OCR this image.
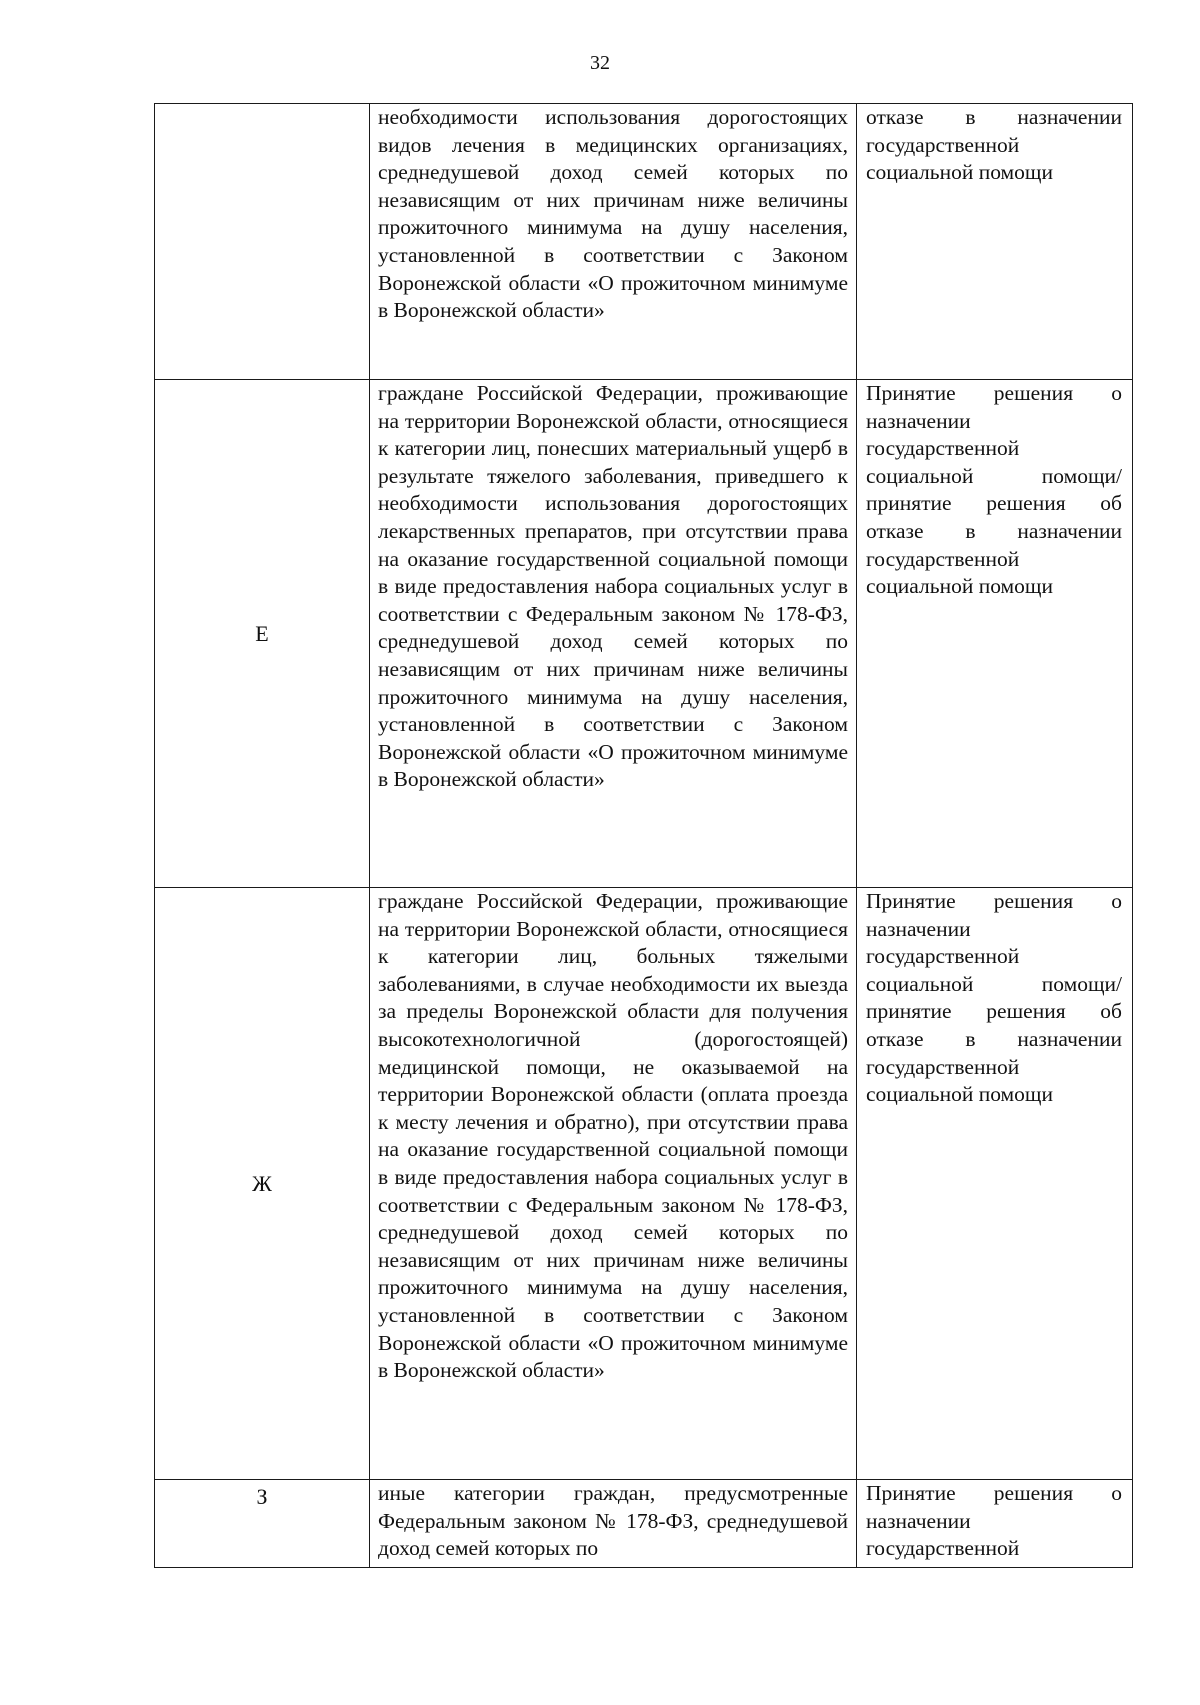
32

	необходимости использования дорогостоящих видов лечения в медицинских организациях, среднедушевой доход семей которых по независящим от них причинам ниже величины прожиточного минимума на душу населения, установленной в соответствии с Законом Воронежской области «О прожиточном минимуме в Воронежской области»	отказе в назначении государственной социальной помощи

Е	граждане Российской Федерации, проживающие на территории Воронежской области, относящиеся к категории лиц, понесших материальный ущерб в результате тяжелого заболевания, приведшего к необходимости использования дорогостоящих лекарственных препаратов, при отсутствии права на оказание государственной социальной помощи в виде предоставления набора социальных услуг в соответствии с Федеральным законом № 178-ФЗ, среднедушевой доход семей которых по независящим от них причинам ниже величины прожиточного минимума на душу населения, установленной в соответствии с Законом Воронежской области «О прожиточном минимуме в Воронежской области»	Принятие решения о назначении государственной социальной помощи/ принятие решения об отказе в назначении государственной социальной помощи

Ж	граждане Российской Федерации, проживающие на территории Воронежской области, относящиеся к категории лиц, больных тяжелыми заболеваниями, в случае необходимости их выезда за пределы Воронежской области для получения высокотехнологичной (дорогостоящей) медицинской помощи, не оказываемой на территории Воронежской области (оплата проезда к месту лечения и обратно), при отсутствии права на оказание государственной социальной помощи в виде предоставления набора социальных услуг в соответствии с Федеральным законом № 178-ФЗ, среднедушевой доход семей которых по независящим от них причинам ниже величины прожиточного минимума на душу населения, установленной в соответствии с Законом Воронежской области «О прожиточном минимуме в Воронежской области»	Принятие решения о назначении государственной социальной помощи/ принятие решения об отказе в назначении государственной социальной помощи

З	иные категории граждан, предусмотренные Федеральным законом № 178-ФЗ, среднедушевой доход семей которых по	Принятие решения о назначении государственной
